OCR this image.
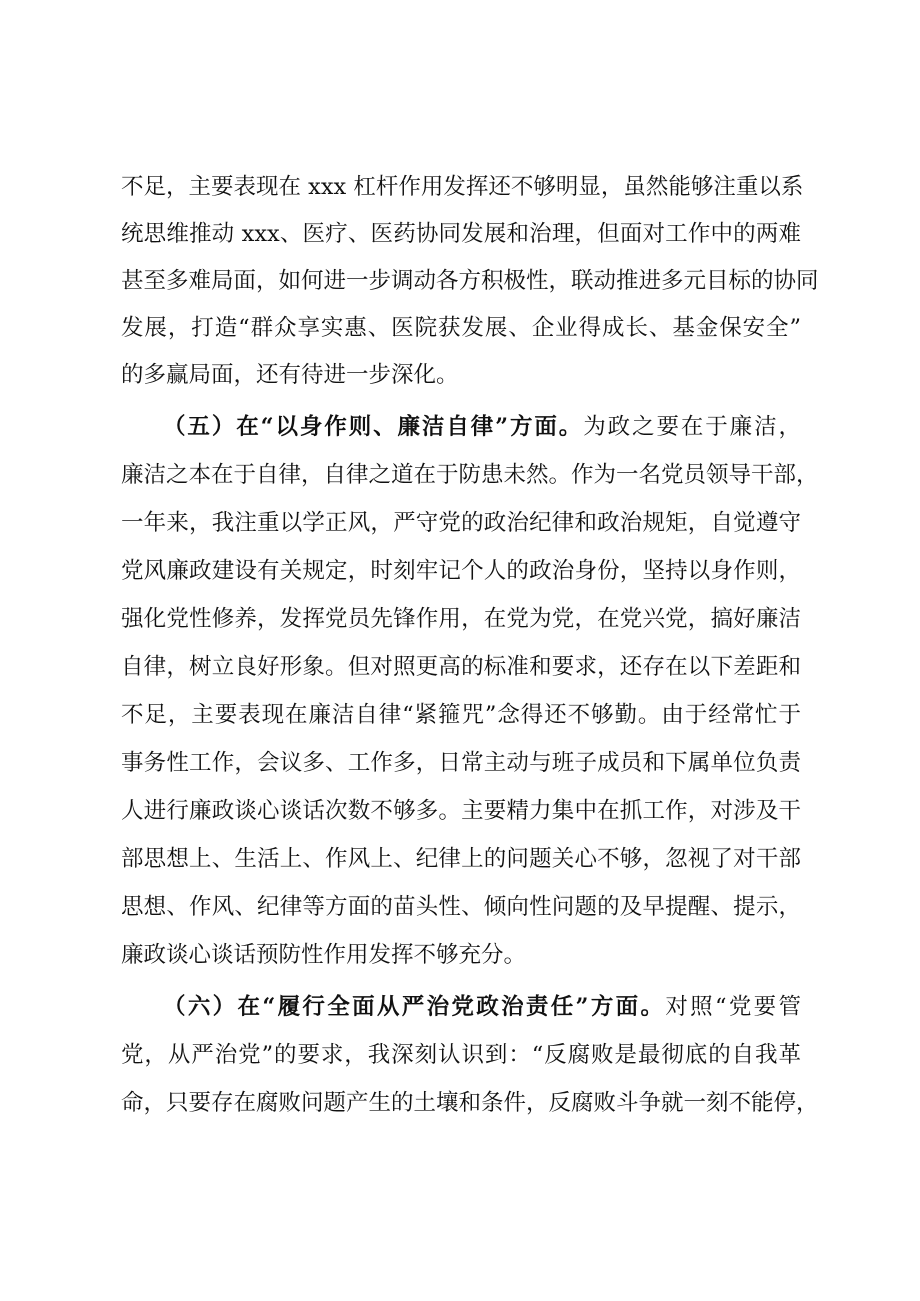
不足，主要表现在 xxx 杠杆作用发挥还不够明显，虽然能够注重以系
统思维推动 xxx、医疗、医药协同发展和治理，但面对工作中的两难
甚至多难局面，如何进一步调动各方积极性，联动推进多元目标的协同
发展，打造“群众享实惠、医院获发展、企业得成长、基金保安全”
的多赢局面，还有待进一步深化。
（五）在“以身作则、廉洁自律”方面。为政之要在于廉洁，
廉洁之本在于自律，自律之道在于防患未然。作为一名党员领导干部，
一年来，我注重以学正风，严守党的政治纪律和政治规矩，自觉遵守
党风廉政建设有关规定，时刻牢记个人的政治身份，坚持以身作则，
强化党性修养，发挥党员先锋作用，在党为党，在党兴党，搞好廉洁
自律，树立良好形象。但对照更高的标准和要求，还存在以下差距和
不足，主要表现在廉洁自律“紧箍咒”念得还不够勤。由于经常忙于
事务性工作，会议多、工作多，日常主动与班子成员和下属单位负责
人进行廉政谈心谈话次数不够多。主要精力集中在抓工作，对涉及干
部思想上、生活上、作风上、纪律上的问题关心不够，忽视了对干部
思想、作风、纪律等方面的苗头性、倾向性问题的及早提醒、提示，
廉政谈心谈话预防性作用发挥不够充分。
（六）在“履行全面从严治党政治责任”方面。对照“党要管
党，从严治党”的要求，我深刻认识到：“反腐败是最彻底的自我革
命，只要存在腐败问题产生的土壤和条件，反腐败斗争就一刻不能停，
